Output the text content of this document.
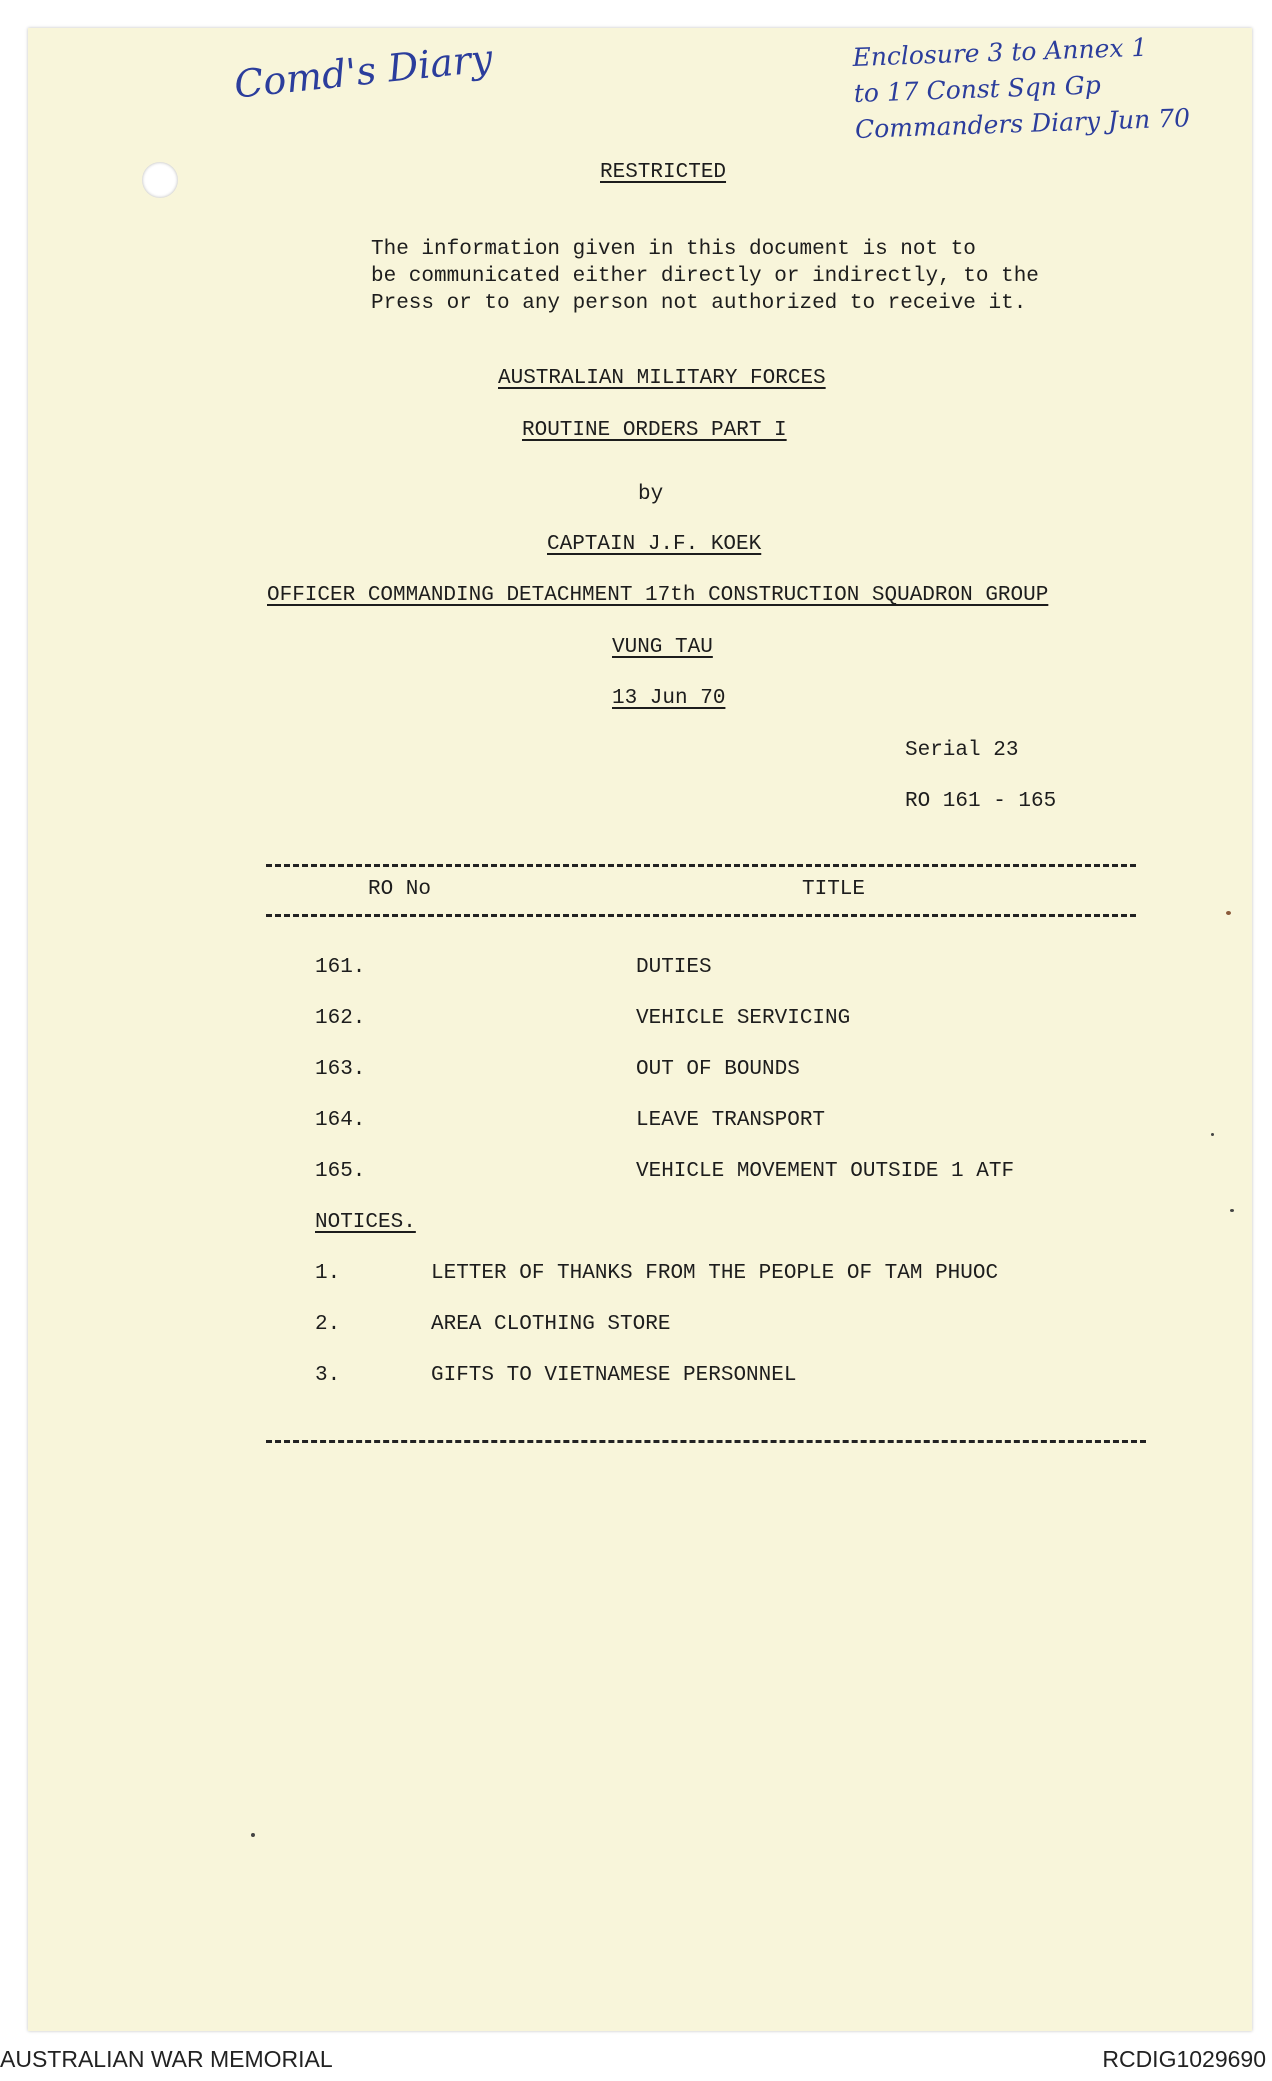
Comd's Diary	Enclosure 3 to Annex 1
to 17 Const Sqn Gp
Commanders Diary Jun 70
RESTRICTED
The information given in this document is not to
be communicated either directly or indirectly, to the
Press or to any person not authorized to receive it.
AUSTRALIAN MILITARY FORCES
ROUTINE ORDERS PART I
by
CAPTAIN J.F. KOEK
OFFICER COMMANDING DETACHMENT 17th CONSTRUCTION SQUADRON GROUP
VUNG TAU
13 Jun 70
Serial 23
RO 161 - 165
RO No	TITLE
161.	DUTIES
162.	VEHICLE SERVICING
163.	OUT OF BOUNDS
164.	LEAVE TRANSPORT
165.	VEHICLE MOVEMENT OUTSIDE 1 ATF
NOTICES.
1.	LETTER OF THANKS FROM THE PEOPLE OF TAM PHUOC
2.	AREA CLOTHING STORE
3.	GIFTS TO VIETNAMESE PERSONNEL
AUSTRALIAN WAR MEMORIAL	RCDIG1029690
